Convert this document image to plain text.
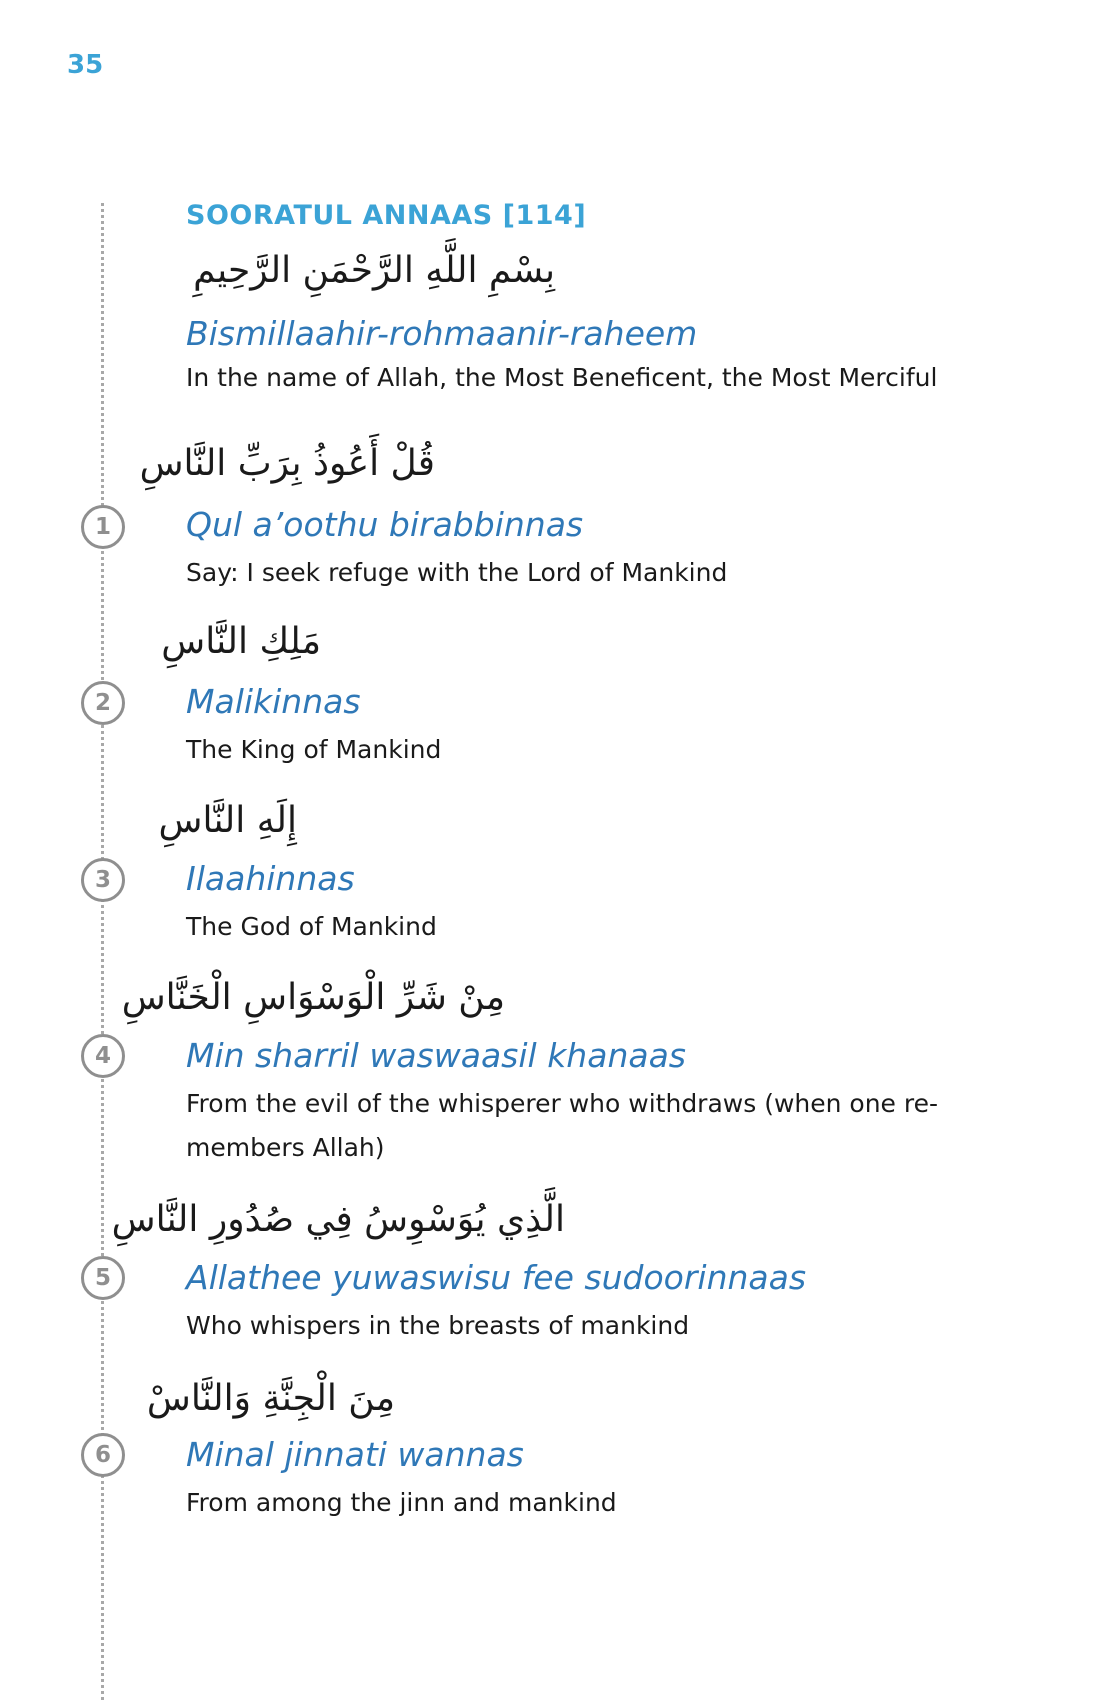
35
SOORATUL ANNAAS [114]
بِسْمِ اللَّهِ الرَّحْمَنِ الرَّحِيمِ
Bismillaahir-rohmaanir-raheem
In the name of Allah, the Most Beneficent, the Most Merciful
قُلْ أَعُوذُ بِرَبِّ النَّاسِ
1	Qul a’oothu birabbinnas
Say: I seek refuge with the Lord of Mankind
مَلِكِ النَّاسِ
2	Malikinnas
The King of Mankind
إِلَهِ النَّاسِ
3	Ilaahinnas
The God of Mankind
مِنْ شَرِّ الْوَسْوَاسِ الْخَنَّاسِ
4	Min sharril waswaasil khanaas
From the evil of the whisperer who withdraws (when one re-members Allah)
الَّذِي يُوَسْوِسُ فِي صُدُورِ النَّاسِ
5	Allathee yuwaswisu fee sudoorinnaas
Who whispers in the breasts of mankind
مِنَ الْجِنَّةِ وَالنَّاسْ
6	Minal jinnati wannas
From among the jinn and mankind
